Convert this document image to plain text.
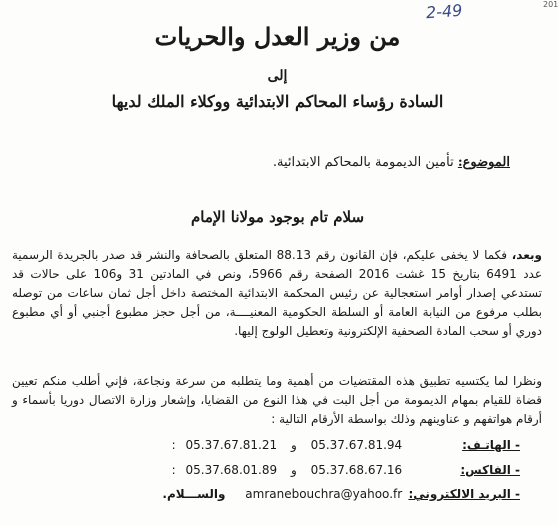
2-49	201
من وزير العدل والحريات
إلى
السادة رؤساء المحاكم الابتدائية ووكلاء الملك لديها
الموضوع: تأمين الديمومة بالمحاكم الابتدائية.
سلام تام بوجود مولانا الإمام
وبعد، فكما لا يخفى عليكم، فإن القانون رقم 88.13 المتعلق بالصحافة والنشر قد صدر بالجريدة الرسمية عدد 6491 بتاريخ 15 غشت 2016 الصفحة رقم 5966، ونص في المادتين 31 و106 على حالات قد تستدعي إصدار أوامر استعجالية عن رئيس المحكمة الابتدائية المختصة داخل أجل ثمان ساعات من توصله بطلب مرفوع من النيابة العامة أو السلطة الحكومية المعنيــــة، من أجل حجز مطبوع أجنبي أو أي مطبوع دوري أو سحب المادة الصحفية الإلكترونية وتعطيل الولوج إليها.
ونظرا لما يكتسيه تطبيق هذه المقتضيات من أهمية وما يتطلبه من سرعة ونجاعة، فإني أطلب منكم تعيين قضاة للقيام بمهام الديمومة من أجل البت في هذا النوع من القضايا، وإشعار وزارة الاتصال دوريا بأسماء و أرقام هواتفهم و عناوينهم وذلك بواسطة الأرقام التالية :
- الهاتـف: 05.37.67.81.94 و 05.37.67.81.21 :
- الفاكس: 05.37.68.67.16 و 05.37.68.01.89 :
- البريد الالكتروني: amranebouchra@yahoo.fr والســـلام.
